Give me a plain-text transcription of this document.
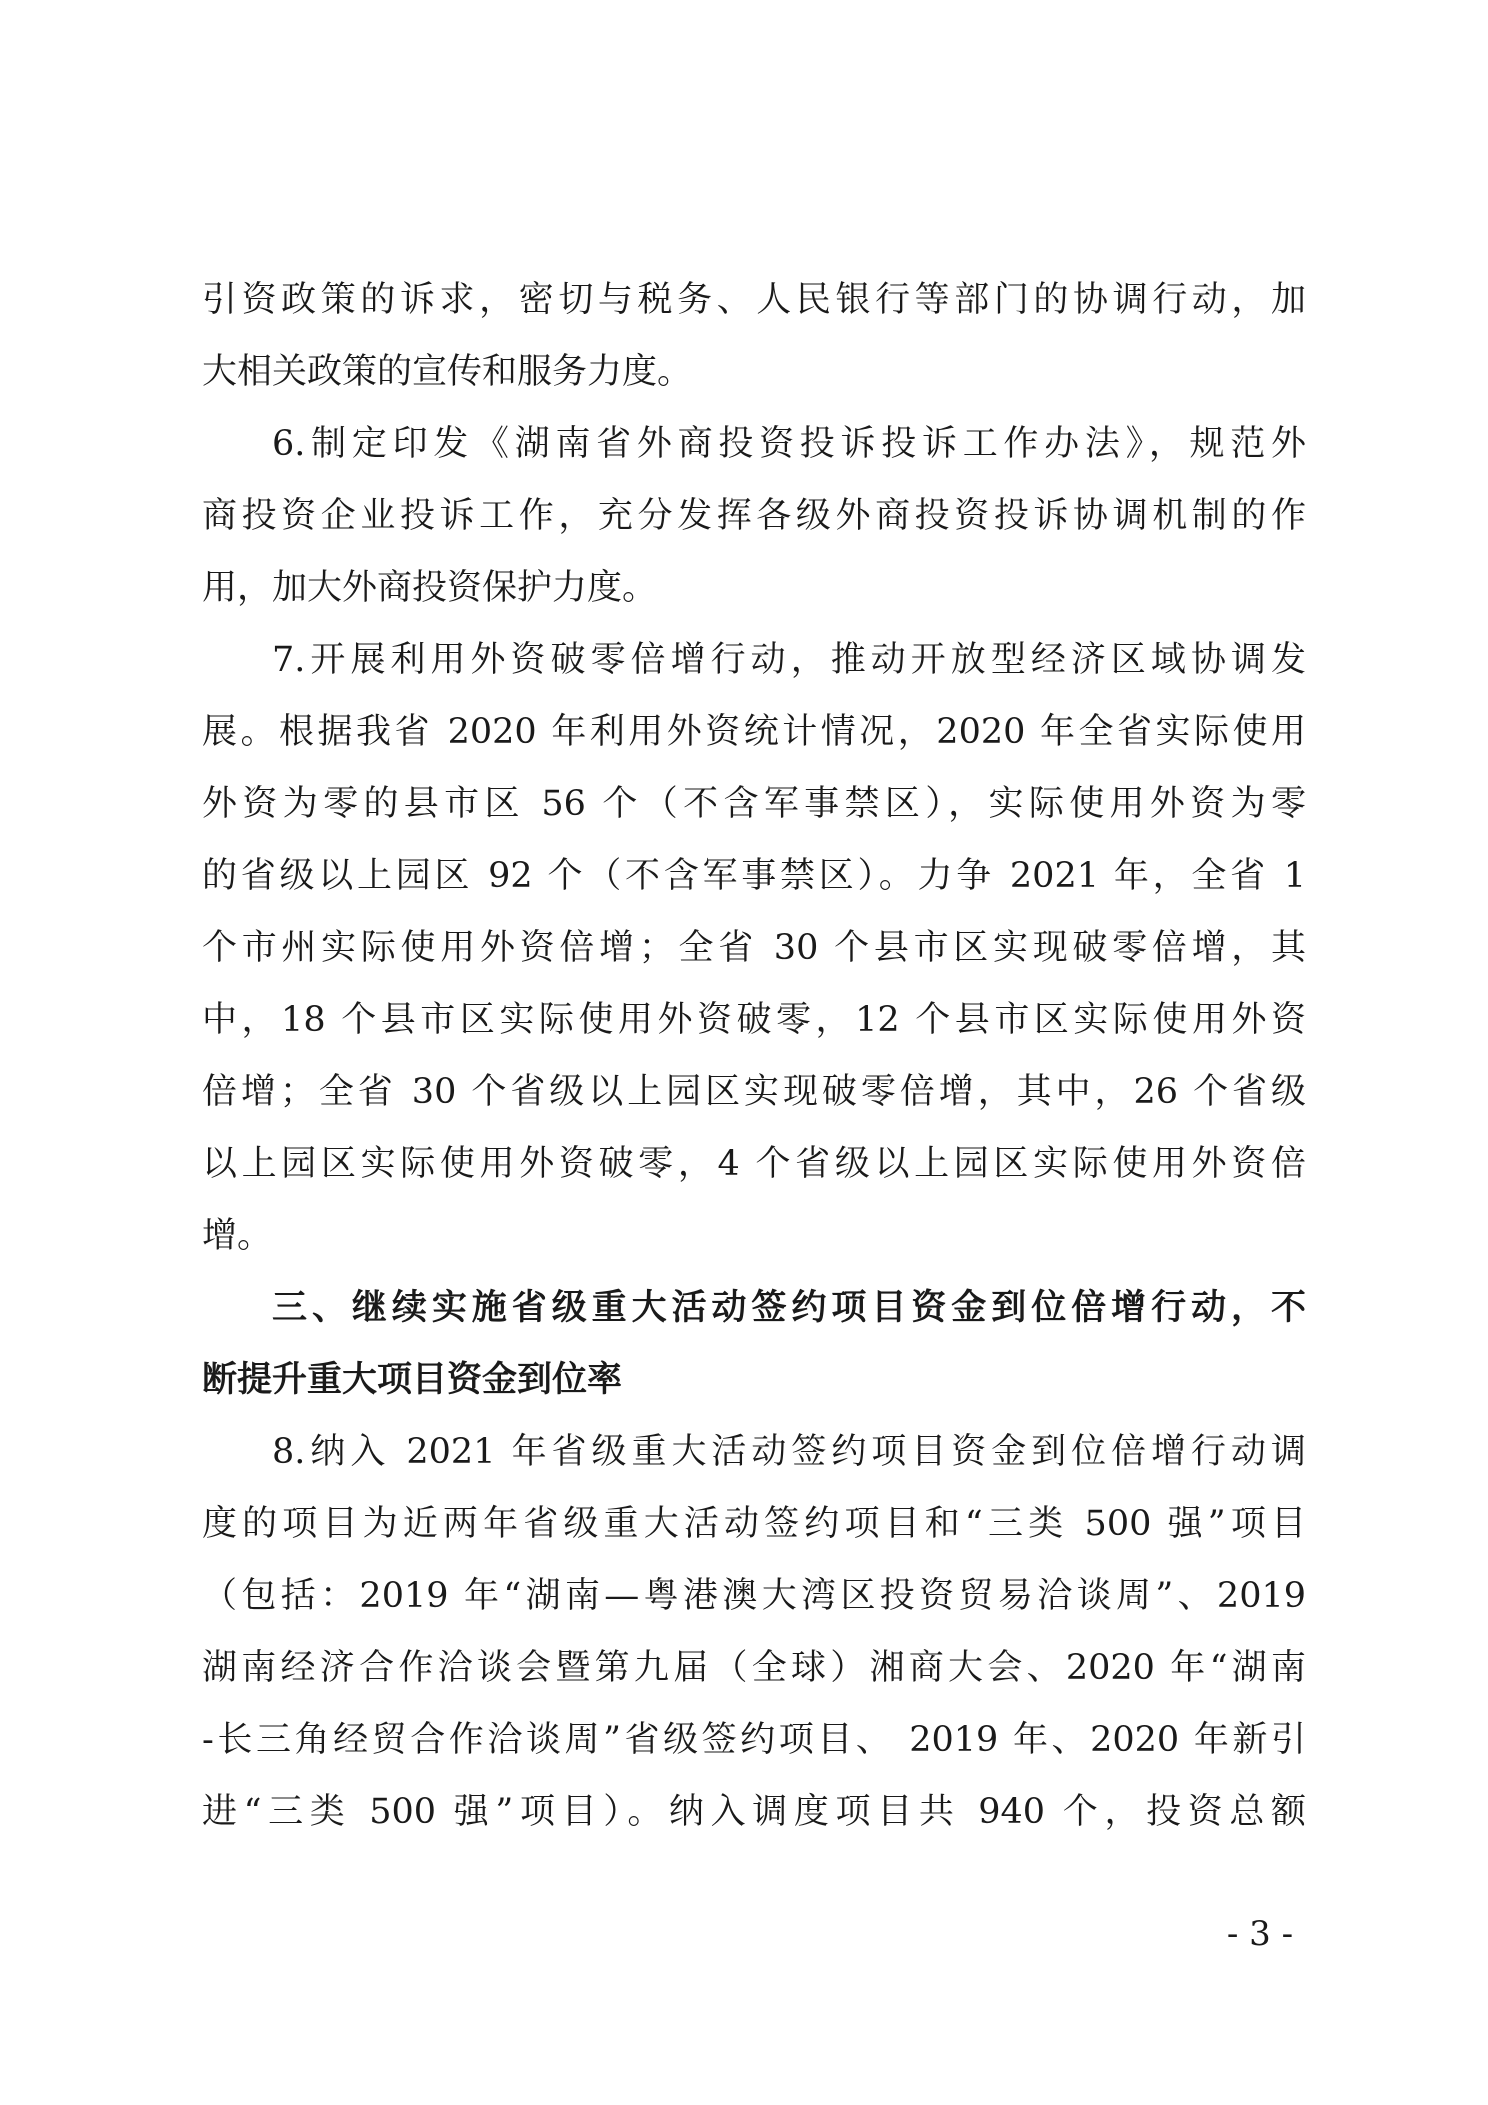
引资政策的诉求，密切与税务、人民银行等部门的协调行动，加
大相关政策的宣传和服务力度。
6.制定印发《湖南省外商投资投诉投诉工作办法》，规范外
商投资企业投诉工作，充分发挥各级外商投资投诉协调机制的作
用，加大外商投资保护力度。
7.开展利用外资破零倍增行动，推动开放型经济区域协调发
展。根据我省 2020 年利用外资统计情况，2020 年全省实际使用
外资为零的县市区 56 个（不含军事禁区），实际使用外资为零
的省级以上园区 92 个（不含军事禁区）。力争 2021 年，全省 1
个市州实际使用外资倍增；全省 30 个县市区实现破零倍增，其
中，18 个县市区实际使用外资破零，12 个县市区实际使用外资
倍增；全省 30 个省级以上园区实现破零倍增，其中，26 个省级
以上园区实际使用外资破零，4 个省级以上园区实际使用外资倍
增。
三、继续实施省级重大活动签约项目资金到位倍增行动，不
断提升重大项目资金到位率
8.纳入 2021 年省级重大活动签约项目资金到位倍增行动调
度的项目为近两年省级重大活动签约项目和“三类 500 强”项目
（包括：2019 年“湖南—粤港澳大湾区投资贸易洽谈周”、2019
湖南经济合作洽谈会暨第九届（全球）湘商大会、2020 年“湖南
-长三角经贸合作洽谈周”省级签约项目、 2019 年、2020 年新引
进“三类 500 强”项目）。纳入调度项目共 940 个，投资总额
- 3 -
